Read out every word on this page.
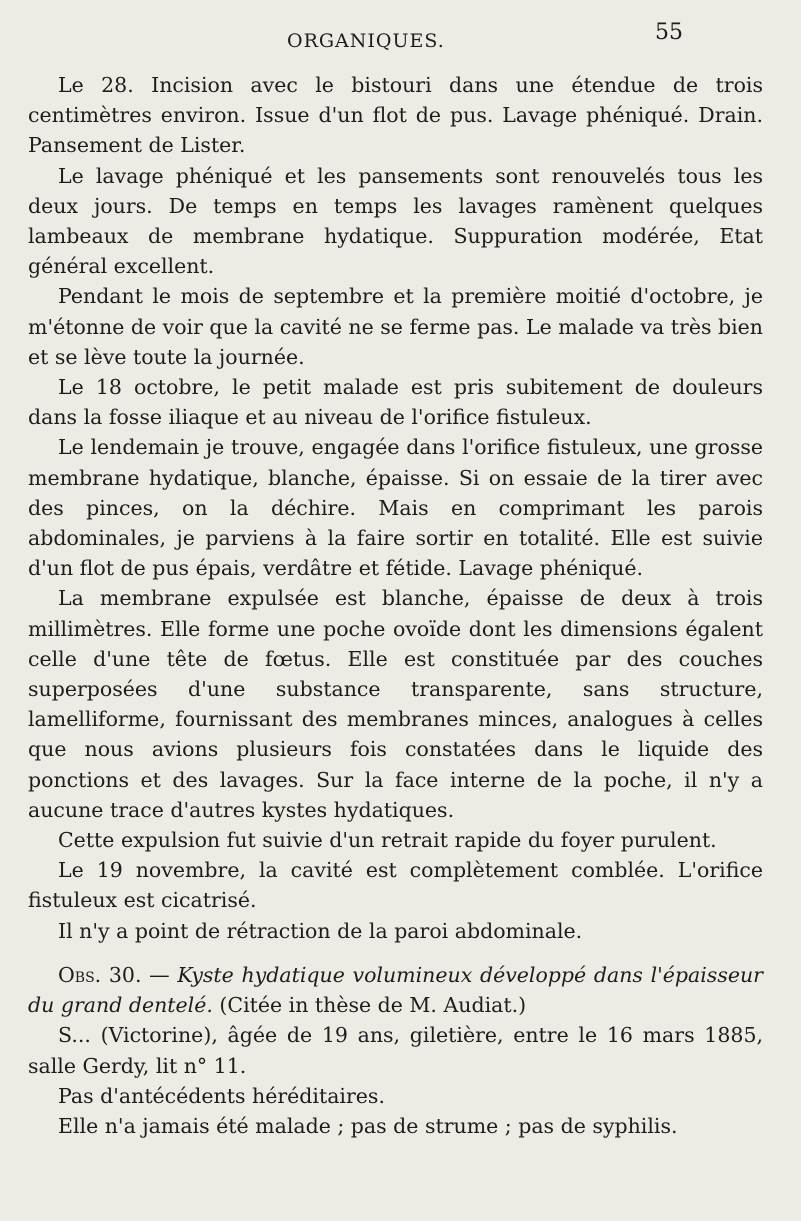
ORGANIQUES.	55

Le 28. Incision avec le bistouri dans une étendue de trois centimètres environ. Issue d'un flot de pus. Lavage phéniqué. Drain. Pansement de Lister.

Le lavage phéniqué et les pansements sont renouvelés tous les deux jours. De temps en temps les lavages ramènent quelques lambeaux de membrane hydatique. Suppuration modérée, Etat général excellent.

Pendant le mois de septembre et la première moitié d'octobre, je m'étonne de voir que la cavité ne se ferme pas. Le malade va très bien et se lève toute la journée.

Le 18 octobre, le petit malade est pris subitement de douleurs dans la fosse iliaque et au niveau de l'orifice fistuleux.

Le lendemain je trouve, engagée dans l'orifice fistuleux, une grosse membrane hydatique, blanche, épaisse. Si on essaie de la tirer avec des pinces, on la déchire. Mais en comprimant les parois abdominales, je parviens à la faire sortir en totalité. Elle est suivie d'un flot de pus épais, verdâtre et fétide. Lavage phéniqué.

La membrane expulsée est blanche, épaisse de deux à trois millimètres. Elle forme une poche ovoïde dont les dimensions égalent celle d'une tête de fœtus. Elle est constituée par des couches superposées d'une substance transparente, sans structure, lamelliforme, fournissant des membranes minces, analogues à celles que nous avions plusieurs fois constatées dans le liquide des ponctions et des lavages. Sur la face interne de la poche, il n'y a aucune trace d'autres kystes hydatiques.

Cette expulsion fut suivie d'un retrait rapide du foyer purulent.

Le 19 novembre, la cavité est complètement comblée. L'orifice fistuleux est cicatrisé.

Il n'y a point de rétraction de la paroi abdominale.

Obs. 30. — Kyste hydatique volumineux développé dans l'épaisseur du grand dentelé. (Citée in thèse de M. Audiat.)

S... (Victorine), âgée de 19 ans, giletière, entre le 16 mars 1885, salle Gerdy, lit n° 11.

Pas d'antécédents héréditaires.

Elle n'a jamais été malade ; pas de strume ; pas de syphilis.
